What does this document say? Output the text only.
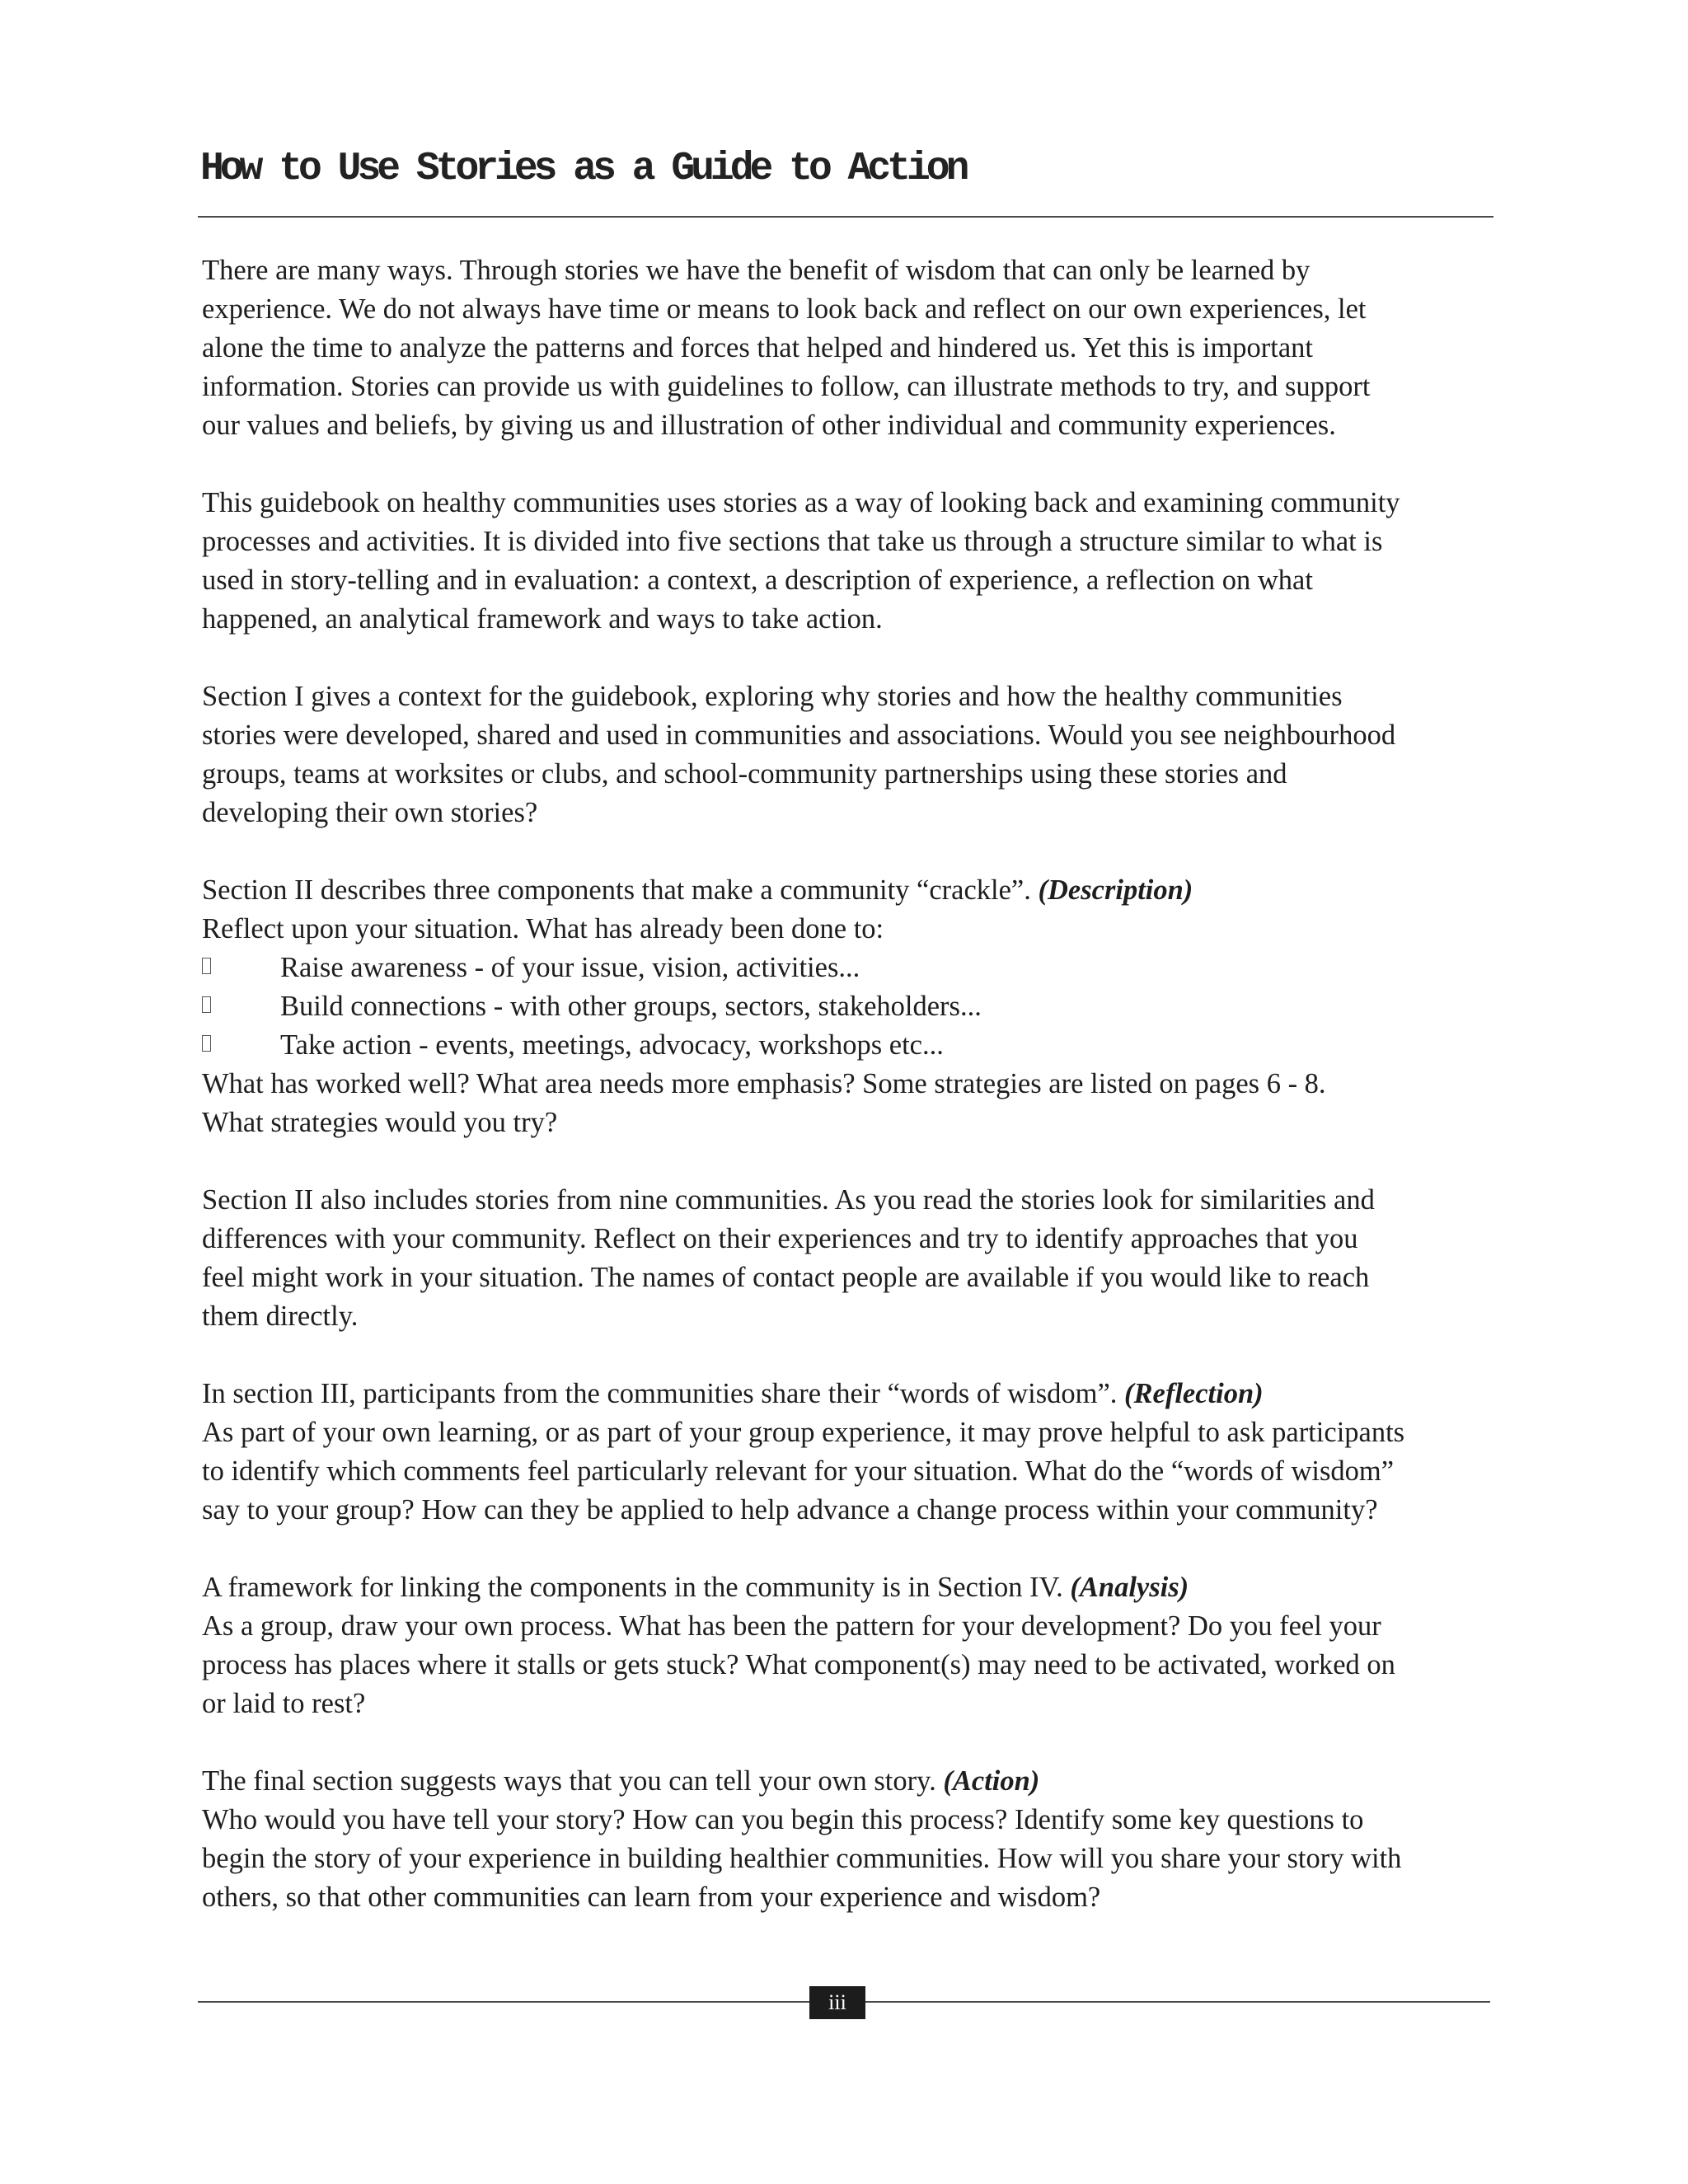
How to Use Stories as a Guide to Action

There are many ways. Through stories we have the benefit of wisdom that can only be learned by
experience. We do not always have time or means to look back and reflect on our own experiences, let
alone the time to analyze the patterns and forces that helped and hindered us. Yet this is important
information. Stories can provide us with guidelines to follow, can illustrate methods to try, and support
our values and beliefs, by giving us and illustration of other individual and community experiences.

This guidebook on healthy communities uses stories as a way of looking back and examining community
processes and activities. It is divided into five sections that take us through a structure similar to what is
used in story-telling and in evaluation: a context, a description of experience, a reflection on what
happened, an analytical framework and ways to take action.

Section I gives a context for the guidebook, exploring why stories and how the healthy communities
stories were developed, shared and used in communities and associations. Would you see neighbourhood
groups, teams at worksites or clubs, and school-community partnerships using these stories and
developing their own stories?

Section II describes three components that make a community “crackle”. (Description)
Reflect upon your situation. What has already been done to:
Raise awareness - of your issue, vision, activities...
Build connections - with other groups, sectors, stakeholders...
Take action - events, meetings, advocacy, workshops etc...
What has worked well? What area needs more emphasis? Some strategies are listed on pages 6 - 8.
What strategies would you try?

Section II also includes stories from nine communities. As you read the stories look for similarities and
differences with your community. Reflect on their experiences and try to identify approaches that you
feel might work in your situation. The names of contact people are available if you would like to reach
them directly.

In section III, participants from the communities share their “words of wisdom”. (Reflection)
As part of your own learning, or as part of your group experience, it may prove helpful to ask participants
to identify which comments feel particularly relevant for your situation. What do the “words of wisdom”
say to your group? How can they be applied to help advance a change process within your community?

A framework for linking the components in the community is in Section IV. (Analysis)
As a group, draw your own process. What has been the pattern for your development? Do you feel your
process has places where it stalls or gets stuck? What component(s) may need to be activated, worked on
or laid to rest?

The final section suggests ways that you can tell your own story. (Action)
Who would you have tell your story? How can you begin this process? Identify some key questions to
begin the story of your experience in building healthier communities. How will you share your story with
others, so that other communities can learn from your experience and wisdom?

iii
